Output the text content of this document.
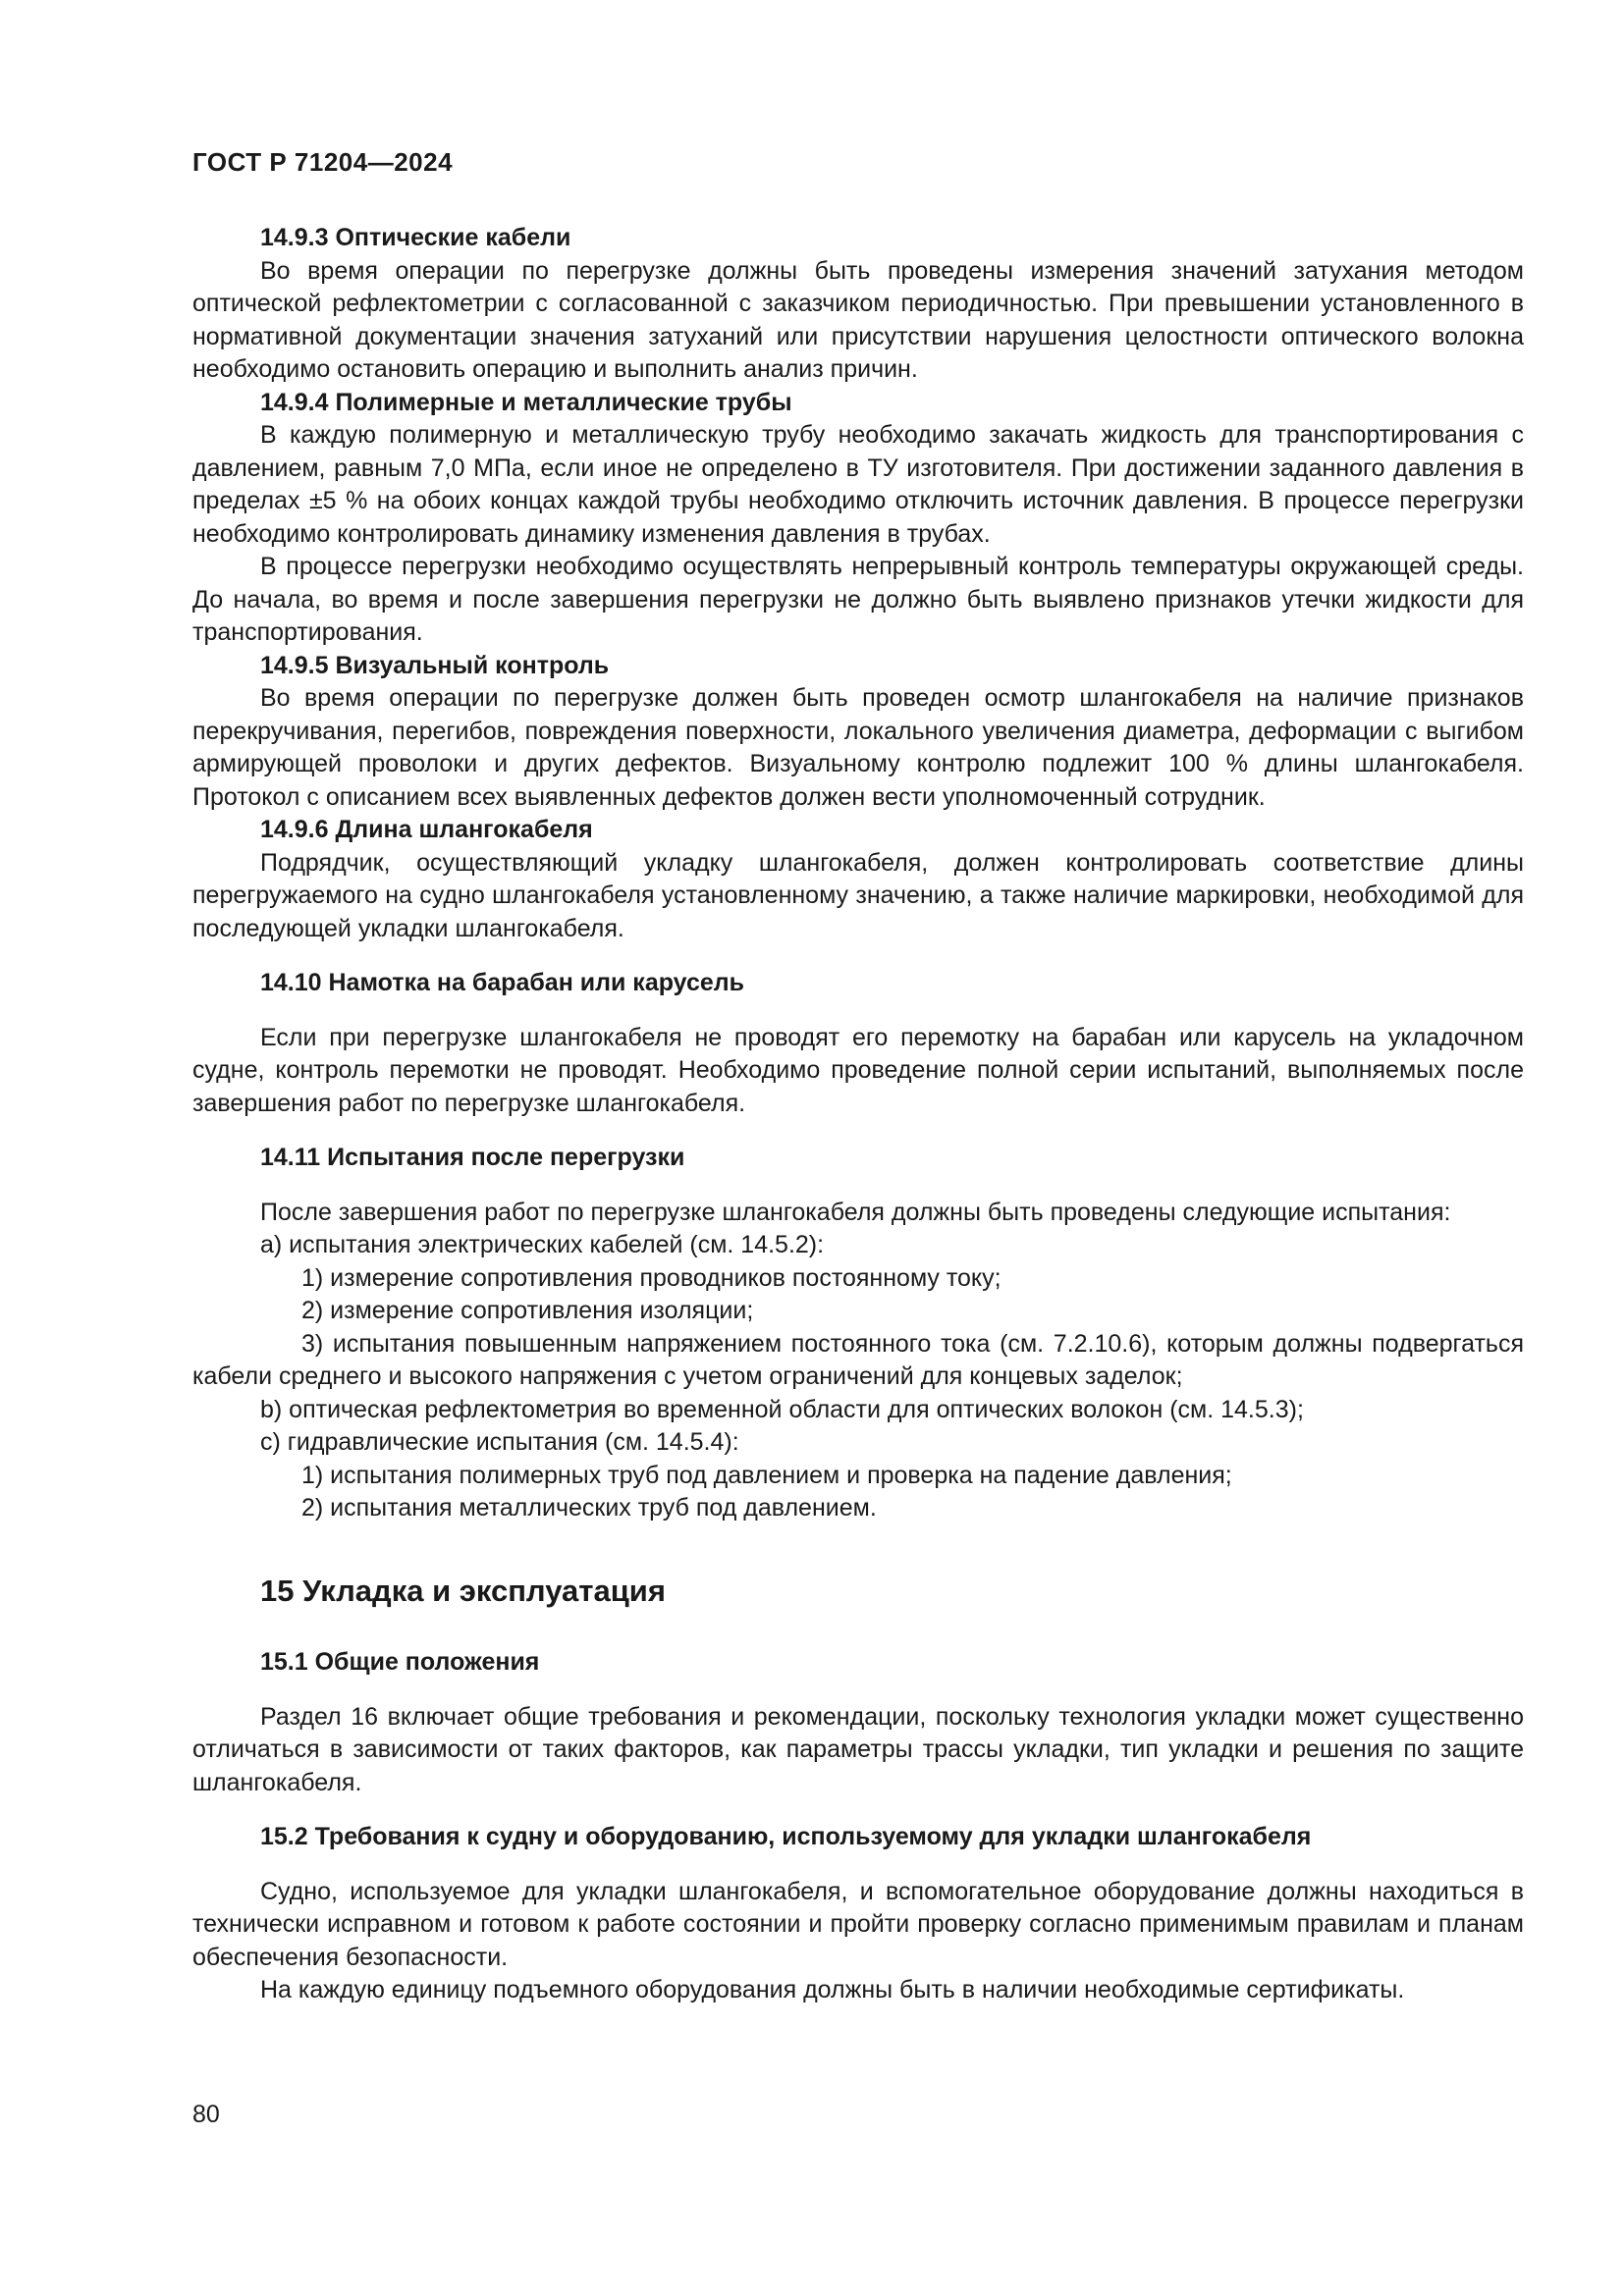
ГОСТ Р 71204—2024

14.9.3 Оптические кабели

Во время операции по перегрузке должны быть проведены измерения значений затухания методом оптической рефлектометрии с согласованной с заказчиком периодичностью. При превышении установленного в нормативной документации значения затуханий или присутствии нарушения целостности оптического волокна необходимо остановить операцию и выполнить анализ причин.

14.9.4 Полимерные и металлические трубы

В каждую полимерную и металлическую трубу необходимо закачать жидкость для транспортирования с давлением, равным 7,0 МПа, если иное не определено в ТУ изготовителя. При достижении заданного давления в пределах ±5 % на обоих концах каждой трубы необходимо отключить источник давления. В процессе перегрузки необходимо контролировать динамику изменения давления в трубах.

В процессе перегрузки необходимо осуществлять непрерывный контроль температуры окружающей среды. До начала, во время и после завершения перегрузки не должно быть выявлено признаков утечки жидкости для транспортирования.

14.9.5 Визуальный контроль

Во время операции по перегрузке должен быть проведен осмотр шлангокабеля на наличие признаков перекручивания, перегибов, повреждения поверхности, локального увеличения диаметра, деформации с выгибом армирующей проволоки и других дефектов. Визуальному контролю подлежит 100 % длины шлангокабеля. Протокол с описанием всех выявленных дефектов должен вести уполномоченный сотрудник.

14.9.6 Длина шлангокабеля

Подрядчик, осуществляющий укладку шлангокабеля, должен контролировать соответствие длины перегружаемого на судно шлангокабеля установленному значению, а также наличие маркировки, необходимой для последующей укладки шлангокабеля.

14.10 Намотка на барабан или карусель

Если при перегрузке шлангокабеля не проводят его перемотку на барабан или карусель на укладочном судне, контроль перемотки не проводят. Необходимо проведение полной серии испытаний, выполняемых после завершения работ по перегрузке шлангокабеля.

14.11 Испытания после перегрузки

После завершения работ по перегрузке шлангокабеля должны быть проведены следующие испытания:

а) испытания электрических кабелей (см. 14.5.2):

1) измерение сопротивления проводников постоянному току;

2) измерение сопротивления изоляции;

3) испытания повышенным напряжением постоянного тока (см. 7.2.10.6), которым должны подвергаться кабели среднего и высокого напряжения с учетом ограничений для концевых заделок;

b) оптическая рефлектометрия во временной области для оптических волокон (см. 14.5.3);

с) гидравлические испытания (см. 14.5.4):

1) испытания полимерных труб под давлением и проверка на падение давления;

2) испытания металлических труб под давлением.

15 Укладка и эксплуатация

15.1 Общие положения

Раздел 16 включает общие требования и рекомендации, поскольку технология укладки может существенно отличаться в зависимости от таких факторов, как параметры трассы укладки, тип укладки и решения по защите шлангокабеля.

15.2 Требования к судну и оборудованию, используемому для укладки шлангокабеля

Судно, используемое для укладки шлангокабеля, и вспомогательное оборудование должны находиться в технически исправном и готовом к работе состоянии и пройти проверку согласно применимым правилам и планам обеспечения безопасности.

На каждую единицу подъемного оборудования должны быть в наличии необходимые сертификаты.

80
